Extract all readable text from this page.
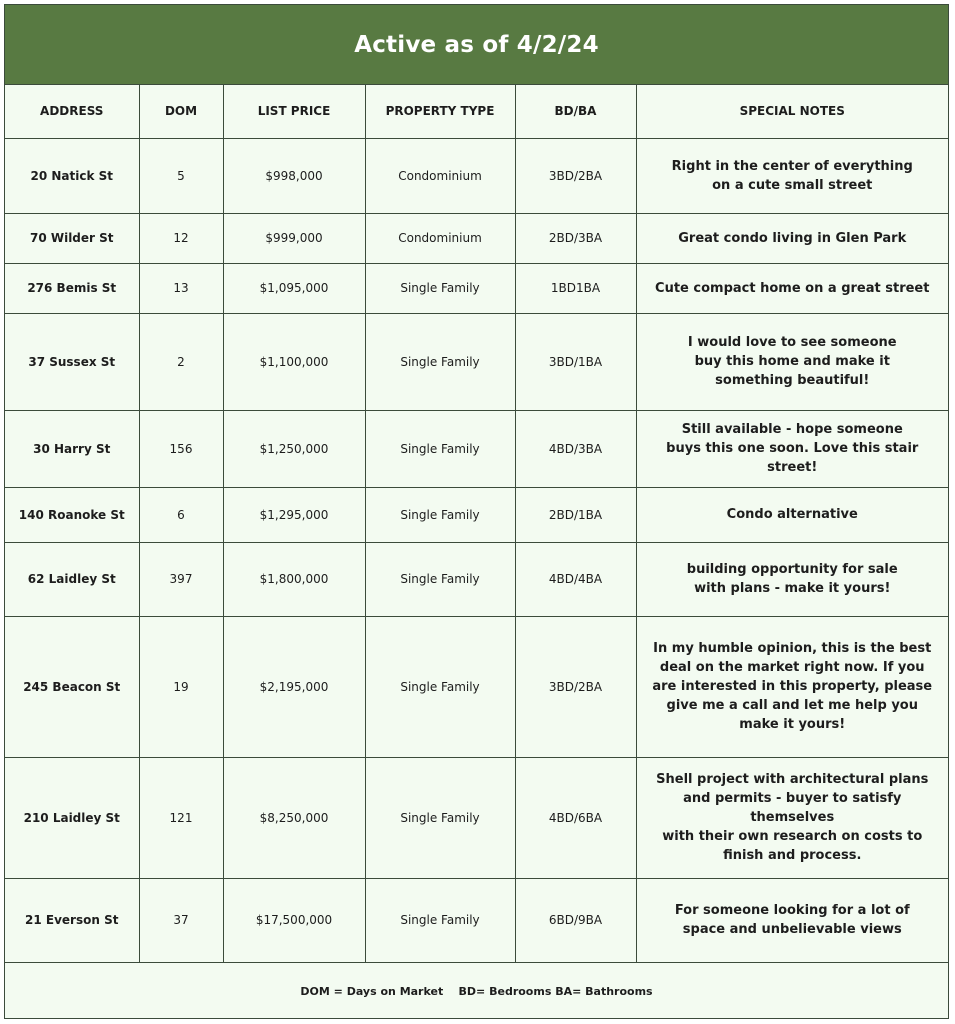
Active as of 4/2/24
ADDRESS	DOM	LIST PRICE	PROPERTY TYPE	BD/BA	SPECIAL NOTES
20 Natick St	5	$998,000	Condominium	3BD/2BA	Right in the center of everything
on a cute small street
70 Wilder St	12	$999,000	Condominium	2BD/3BA	Great condo living in Glen Park
276 Bemis St	13	$1,095,000	Single Family	1BD1BA	Cute compact home on a great street
37 Sussex St	2	$1,100,000	Single Family	3BD/1BA	I would love to see someone
buy this home and make it
something beautiful!
30 Harry St	156	$1,250,000	Single Family	4BD/3BA	Still available - hope someone
buys this one soon. Love this stair street!
140 Roanoke St	6	$1,295,000	Single Family	2BD/1BA	Condo alternative
62 Laidley St	397	$1,800,000	Single Family	4BD/4BA	building opportunity for sale
with plans - make it yours!
245 Beacon St	19	$2,195,000	Single Family	3BD/2BA	In my humble opinion, this is the best
deal on the market right now. If you
are interested in this property, please
give me a call and let me help you
make it yours!
210 Laidley St	121	$8,250,000	Single Family	4BD/6BA	Shell project with architectural plans
and permits - buyer to satisfy themselves
with their own research on costs to
finish and process.
21 Everson St	37	$17,500,000	Single Family	6BD/9BA	For someone looking for a lot of
space and unbelievable views
DOM = Days on Market    BD= Bedrooms BA= Bathrooms
